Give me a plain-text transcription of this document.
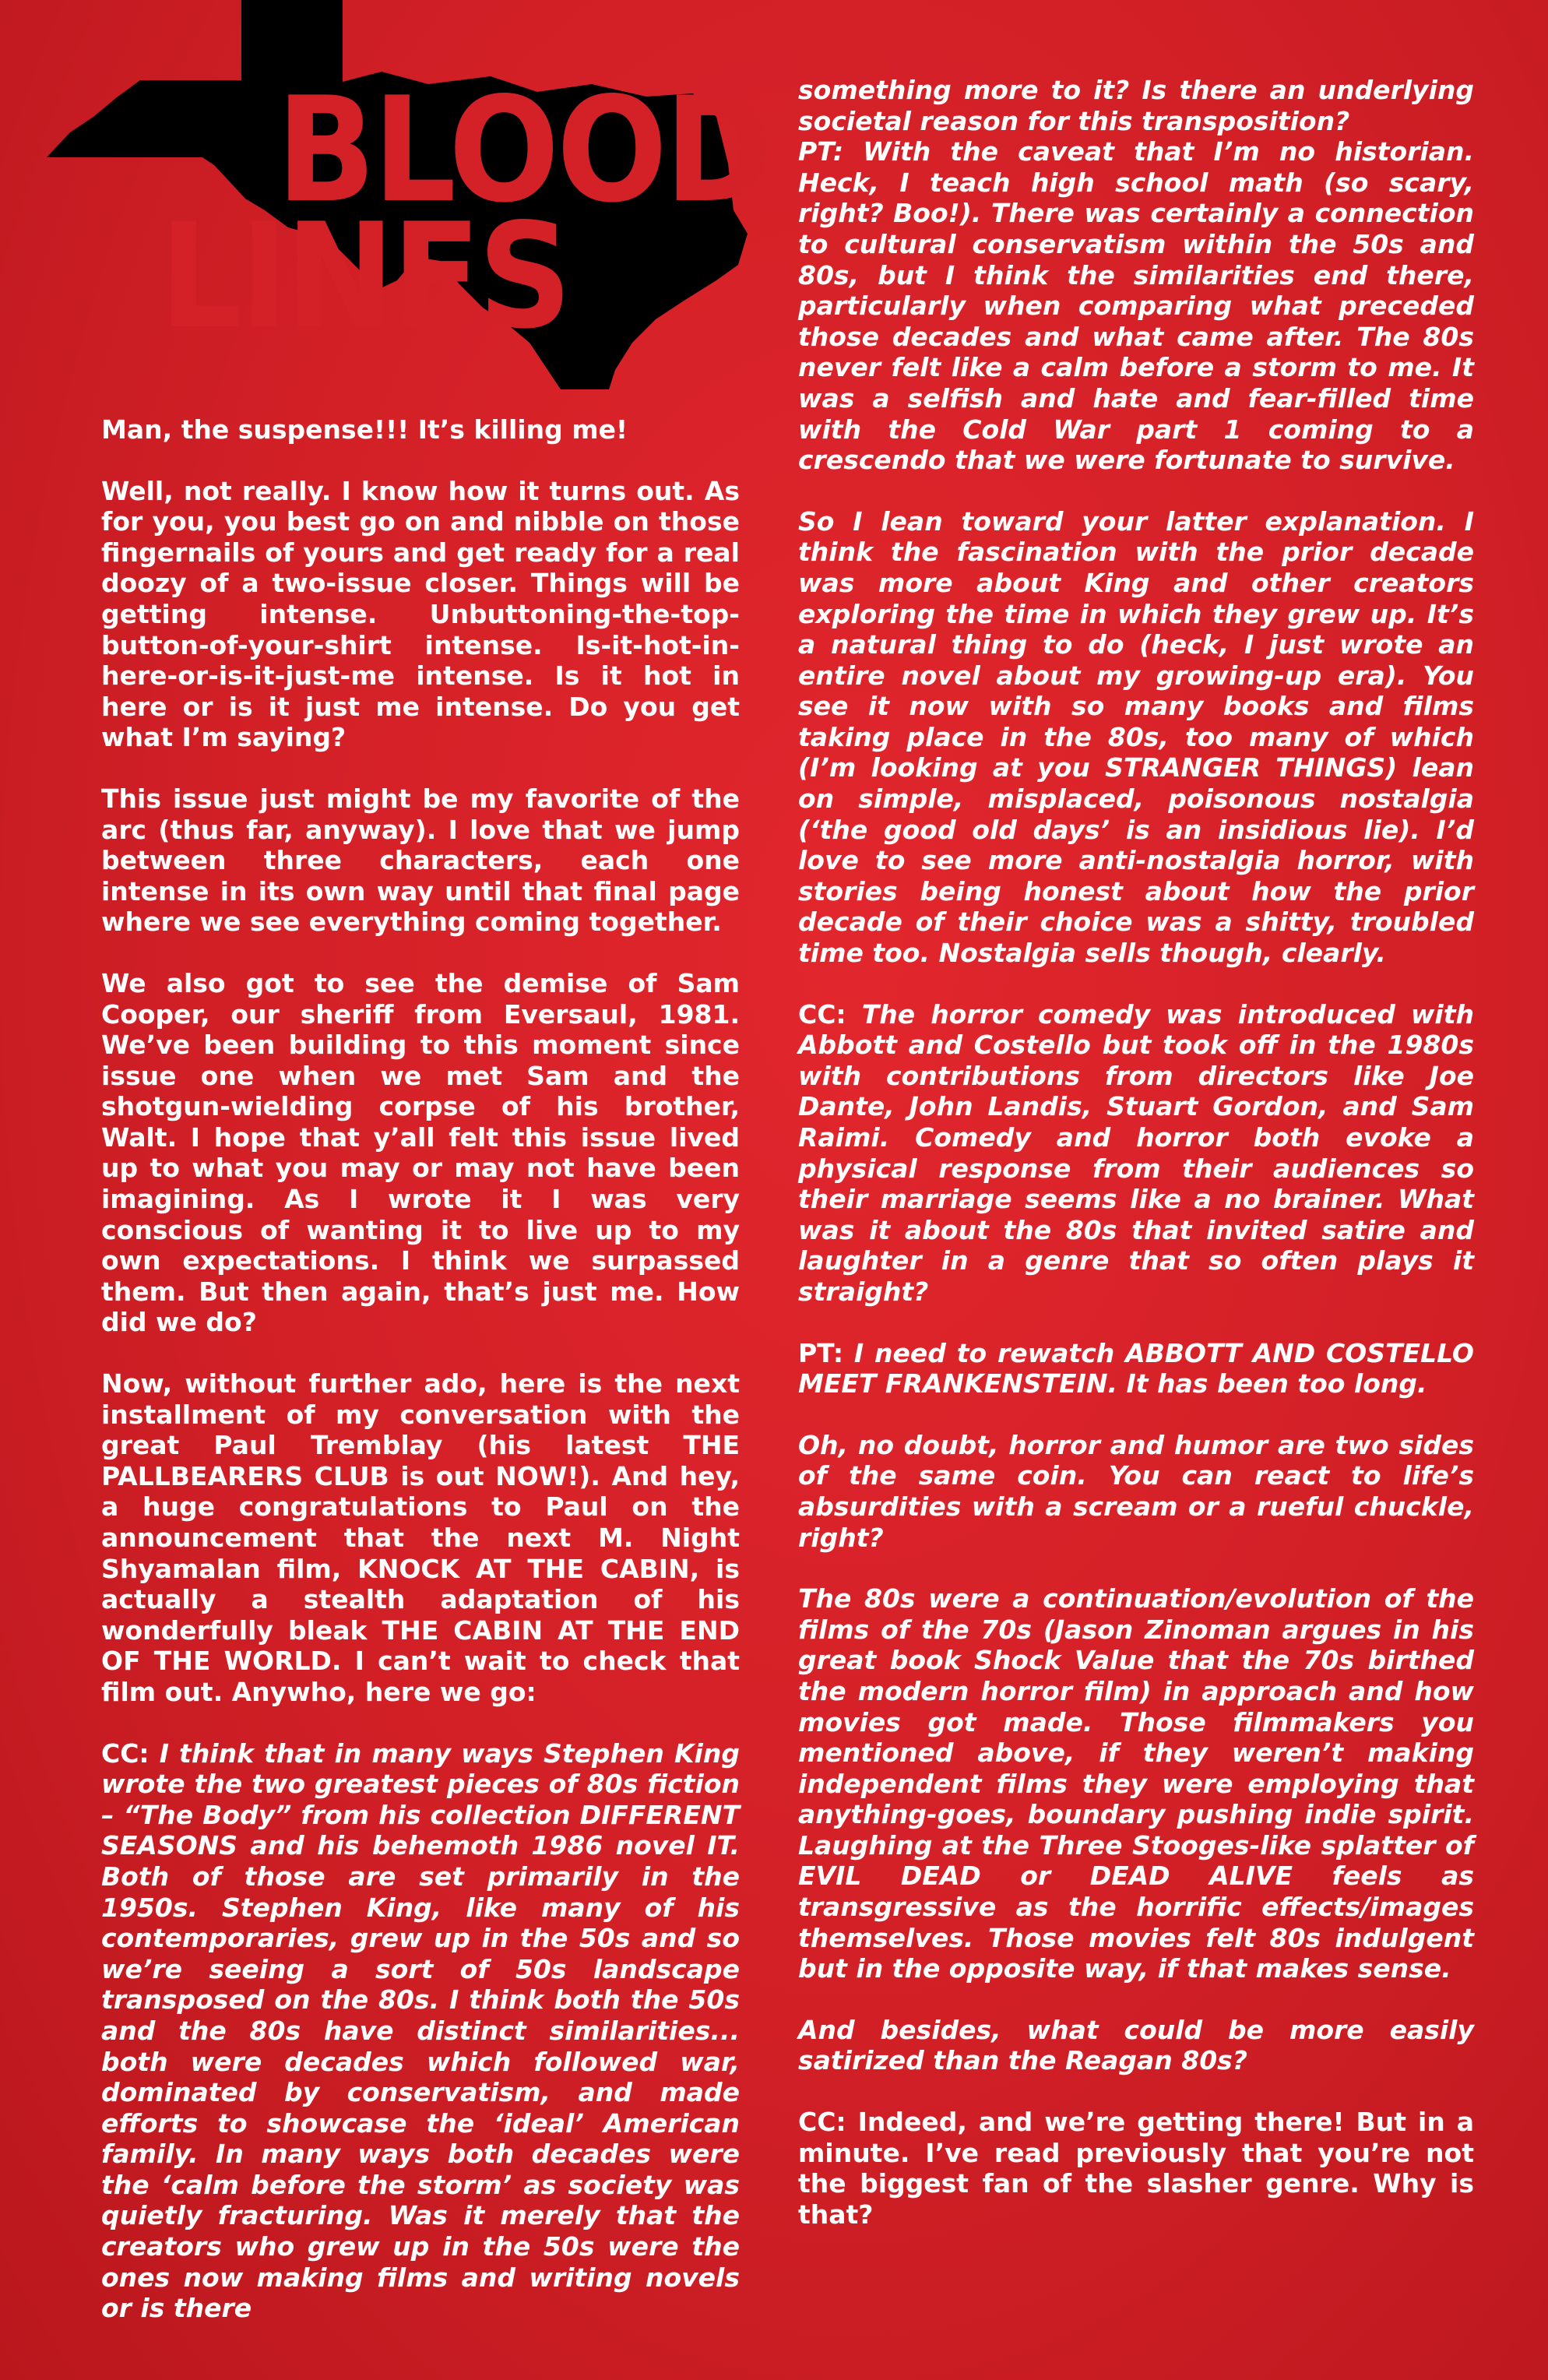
BLOOD
LINES

Man, the suspense!!! It’s killing me!

Well, not really. I know how it turns out. As for you, you best go on and nibble on those fingernails of yours and get ready for a real doozy of a two-issue closer. Things will be getting intense. Unbuttoning-the-top-button-of-your-shirt intense. Is-it-hot-in-here-or-is-it-just-me intense. Is it hot in here or is it just me intense. Do you get what I’m saying?

This issue just might be my favorite of the arc (thus far, anyway). I love that we jump between three characters, each one intense in its own way until that final page where we see everything coming together.

We also got to see the demise of Sam Cooper, our sheriff from Eversaul, 1981. We’ve been building to this moment since issue one when we met Sam and the shotgun-wielding corpse of his brother, Walt. I hope that y’all felt this issue lived up to what you may or may not have been imagining. As I wrote it I was very conscious of wanting it to live up to my own expectations. I think we surpassed them. But then again, that’s just me. How did we do?

Now, without further ado, here is the next installment of my conversation with the great Paul Tremblay (his latest THE PALLBEARERS CLUB is out NOW!). And hey, a huge congratulations to Paul on the announcement that the next M. Night Shyamalan film, KNOCK AT THE CABIN, is actually a stealth adaptation of his wonderfully bleak THE CABIN AT THE END OF THE WORLD. I can’t wait to check that film out. Anywho, here we go:

CC: I think that in many ways Stephen King wrote the two greatest pieces of 80s fiction – “The Body” from his collection DIFFERENT SEASONS and his behemoth 1986 novel IT. Both of those are set primarily in the 1950s. Stephen King, like many of his contemporaries, grew up in the 50s and so we’re seeing a sort of 50s landscape transposed on the 80s. I think both the 50s and the 80s have distinct similarities... both were decades which followed war, dominated by conservatism, and made efforts to showcase the ‘ideal’ American family. In many ways both decades were the ‘calm before the storm’ as society was quietly fracturing. Was it merely that the creators who grew up in the 50s were the ones now making films and writing novels or is there

something more to it? Is there an underlying societal reason for this transposition?

PT: With the caveat that I’m no historian. Heck, I teach high school math (so scary, right? Boo!). There was certainly a connection to cultural conservatism within the 50s and 80s, but I think the similarities end there, particularly when comparing what preceded those decades and what came after. The 80s never felt like a calm before a storm to me. It was a selfish and hate and fear-filled time with the Cold War part 1 coming to a crescendo that we were fortunate to survive.

So I lean toward your latter explanation. I think the fascination with the prior decade was more about King and other creators exploring the time in which they grew up. It’s a natural thing to do (heck, I just wrote an entire novel about my growing-up era). You see it now with so many books and films taking place in the 80s, too many of which (I’m looking at you STRANGER THINGS) lean on simple, misplaced, poisonous nostalgia (‘the good old days’ is an insidious lie). I’d love to see more anti-nostalgia horror, with stories being honest about how the prior decade of their choice was a shitty, troubled time too. Nostalgia sells though, clearly.

CC: The horror comedy was introduced with Abbott and Costello but took off in the 1980s with contributions from directors like Joe Dante, John Landis, Stuart Gordon, and Sam Raimi. Comedy and horror both evoke a physical response from their audiences so their marriage seems like a no brainer. What was it about the 80s that invited satire and laughter in a genre that so often plays it straight?

PT: I need to rewatch ABBOTT AND COSTELLO MEET FRANKENSTEIN. It has been too long.

Oh, no doubt, horror and humor are two sides of the same coin. You can react to life’s absurdities with a scream or a rueful chuckle, right?

The 80s were a continuation/evolution of the films of the 70s (Jason Zinoman argues in his great book Shock Value that the 70s birthed the modern horror film) in approach and how movies got made. Those filmmakers you mentioned above, if they weren’t making independent films they were employing that anything-goes, boundary pushing indie spirit. Laughing at the Three Stooges-like splatter of EVIL DEAD or DEAD ALIVE feels as transgressive as the horrific effects/images themselves. Those movies felt 80s indulgent but in the opposite way, if that makes sense.

And besides, what could be more easily satirized than the Reagan 80s?

CC: Indeed, and we’re getting there! But in a minute. I’ve read previously that you’re not the biggest fan of the slasher genre. Why is that?
